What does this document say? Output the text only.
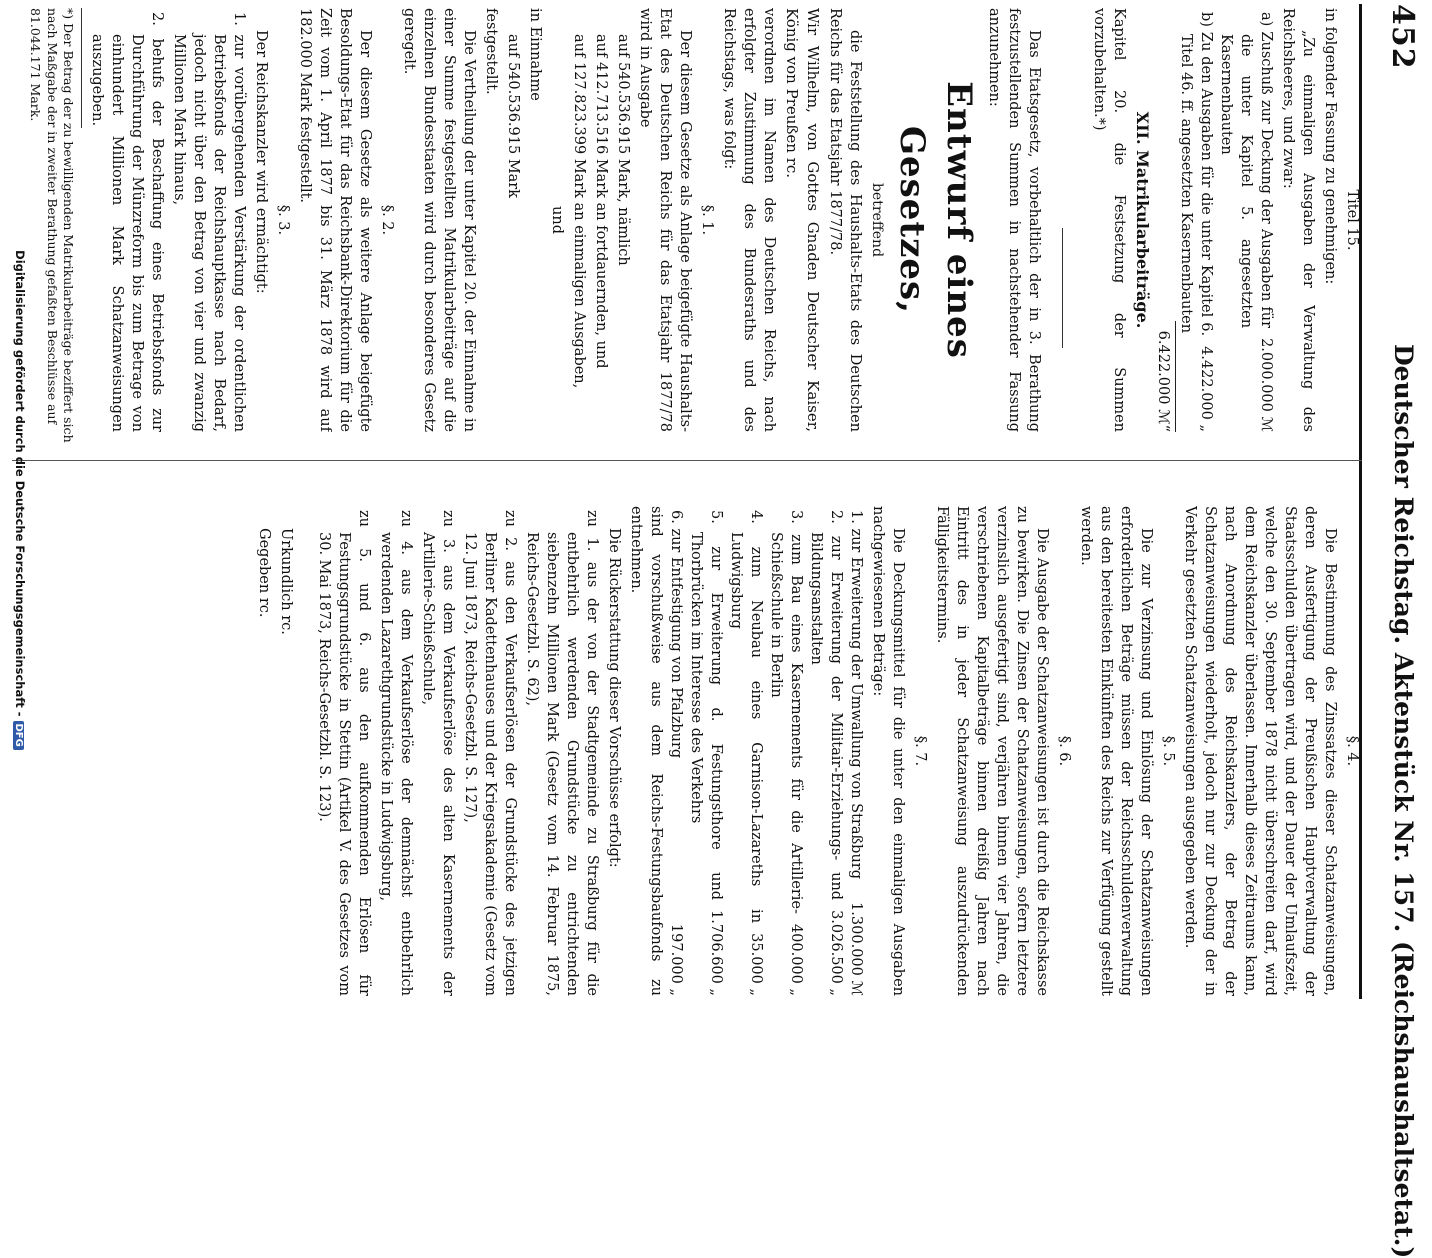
452
Deutscher Reichstag. Aktenstück Nr. 157. (Reichshaushaltsetat.)

Titel 15.

in folgender Fassung zu genehmigen:

„Zu einmaligen Ausgaben der Verwaltung des Reichsheeres, und zwar:

a) Zuschuß zur Deckung der Ausgaben für die unter Kapitel 5. angesetzten Kasernenbauten
2.000.000 ℳ
b) Zu den Ausgaben für die unter Kapitel 6. Titel 46. ff. angesetzten Kasernenbauten
4.422.000 „
6.422.000 ℳ“

XII. Matrikularbeiträge.

Kapitel 20. die Festsetzung der Summen vorzubehalten.*)

Das Etatsgesetz, vorbehaltlich der in 3. Berathung festzustellenden Summen in nachstehender Fassung anzunehmen:

Entwurf eines Gesetzes,

betreffend

die Feststellung des Haushalts-Etats des Deutschen Reichs für das Etatsjahr 1877/78.

Wir Wilhelm, von Gottes Gnaden Deutscher Kaiser, König von Preußen rc.

verordnen im Namen des Deutschen Reichs, nach erfolgter Zustimmung des Bundesraths und des Reichstags, was folgt:

§. 1.

Der diesem Gesetze als Anlage beigefügte Haushalts-Etat des Deutschen Reichs für das Etatsjahr 1877/78 wird in Ausgabe

auf 540.536.915 Mark, nämlich

auf 412.713.516 Mark an fortdauernden, und

auf 127.823.399 Mark an einmaligen Ausgaben,

und

in Einnahme

auf 540.536.915 Mark

festgestellt.

Die Vertheilung der unter Kapitel 20. der Einnahme in einer Summe festgestellten Matrikularbeiträge auf die einzelnen Bundesstaaten wird durch besonderes Gesetz geregelt.

§. 2.

Der diesem Gesetze als weitere Anlage beigefügte Besoldungs-Etat für das Reichsbank-Direktorium für die Zeit vom 1. April 1877 bis 31. März 1878 wird auf 182.000 Mark festgestellt.

§. 3.

Der Reichskanzler wird ermächtigt:

1. zur vorübergehenden Verstärkung der ordentlichen Betriebsfonds der Reichshauptkasse nach Bedarf, jedoch nicht über den Betrag von vier und zwanzig Millionen Mark hinaus,

2. behufs der Beschaffung eines Betriebsfonds zur Durchführung der Münzreform bis zum Betrage von einhundert Millionen Mark Schatzanweisungen auszugeben.

*) Der Betrag der zu bewilligenden Matrikularbeiträge beziffert sich nach Maßgabe der in zweiter Berathung gefaßten Beschlüsse auf 81.044.171 Mark.

§. 4.

Die Bestimmung des Zinssatzes dieser Schatzanweisungen, deren Ausfertigung der Preußischen Hauptverwaltung der Staatsschulden übertragen wird, und der Dauer der Umlaufszeit, welche den 30. September 1878 nicht überschreiten darf, wird dem Reichskanzler überlassen. Innerhalb dieses Zeitraums kann, nach Anordnung des Reichskanzlers, der Betrag der Schatzanweisungen wiederholt, jedoch nur zur Deckung der in Verkehr gesetzten Schatzanweisungen ausgegeben werden.

§. 5.

Die zur Verzinsung und Einlösung der Schatzanweisungen erforderlichen Beträge müssen der Reichsschuldenverwaltung aus den bereitesten Einkünften des Reichs zur Verfügung gestellt werden.

§. 6.

Die Ausgabe der Schatzanweisungen ist durch die Reichskasse zu bewirken. Die Zinsen der Schatzanweisungen, sofern letztere verzinslich ausgefertigt sind, verjähren binnen vier Jahren, die verschriebenen Kapitalbeträge binnen dreißig Jahren nach Eintritt des in jeder Schatzanweisung auszudrückenden Fälligkeitstermins.

§. 7.

Die Deckungsmittel für die unter den einmaligen Ausgaben nachgewiesenen Beträge:

1. zur Erweiterung der Umwallung von Straßburg
1.300.000 ℳ
2. zur Erweiterung der Militair-Erziehungs- und Bildungsanstalten
3.026.500 „
3. zum Bau eines Kasernements für die Artillerie-Schießschule in Berlin
400.000 „
4. zum Neubau eines Garnison-Lazareths in Ludwigsburg
35.000 „
5. zur Erweiterung d. Festungsthore und Thorbrücken im Interesse des Verkehrs
1.706.600 „
6. zur Entfestigung von Pfalzburg
197.000 „

sind vorschußweise aus dem Reichs-Festungsbaufonds zu entnehmen.

Die Rückerstattung dieser Vorschüsse erfolgt:

zu 1. aus der von der Stadtgemeinde zu Straßburg für die entbehrlich werdenden Grundstücke zu entrichtenden siebenzehn Millionen Mark (Gesetz vom 14. Februar 1875, Reichs-Gesetzbl. S. 62),

zu 2. aus den Verkaufserlösen der Grundstücke des jetzigen Berliner Kadettenhauses und der Kriegsakademie (Gesetz vom 12. Juni 1873, Reichs-Gesetzbl. S. 127),

zu 3. aus dem Verkaufserlöse des alten Kasernements der Artillerie-Schießschule,

zu 4. aus dem Verkaufserlöse der demnächst entbehrlich werdenden Lazarethgrundstücke in Ludwigsburg,

zu 5. und 6. aus den aufkommenden Erlösen für Festungsgrundstücke in Stettin (Artikel V. des Gesetzes vom 30. Mai 1873, Reichs-Gesetzbl. S. 123).

Urkundlich rc.

Gegeben rc.

Digitalisierung gefördert durch die Deutsche Forschungsgemeinschaft -DFG
